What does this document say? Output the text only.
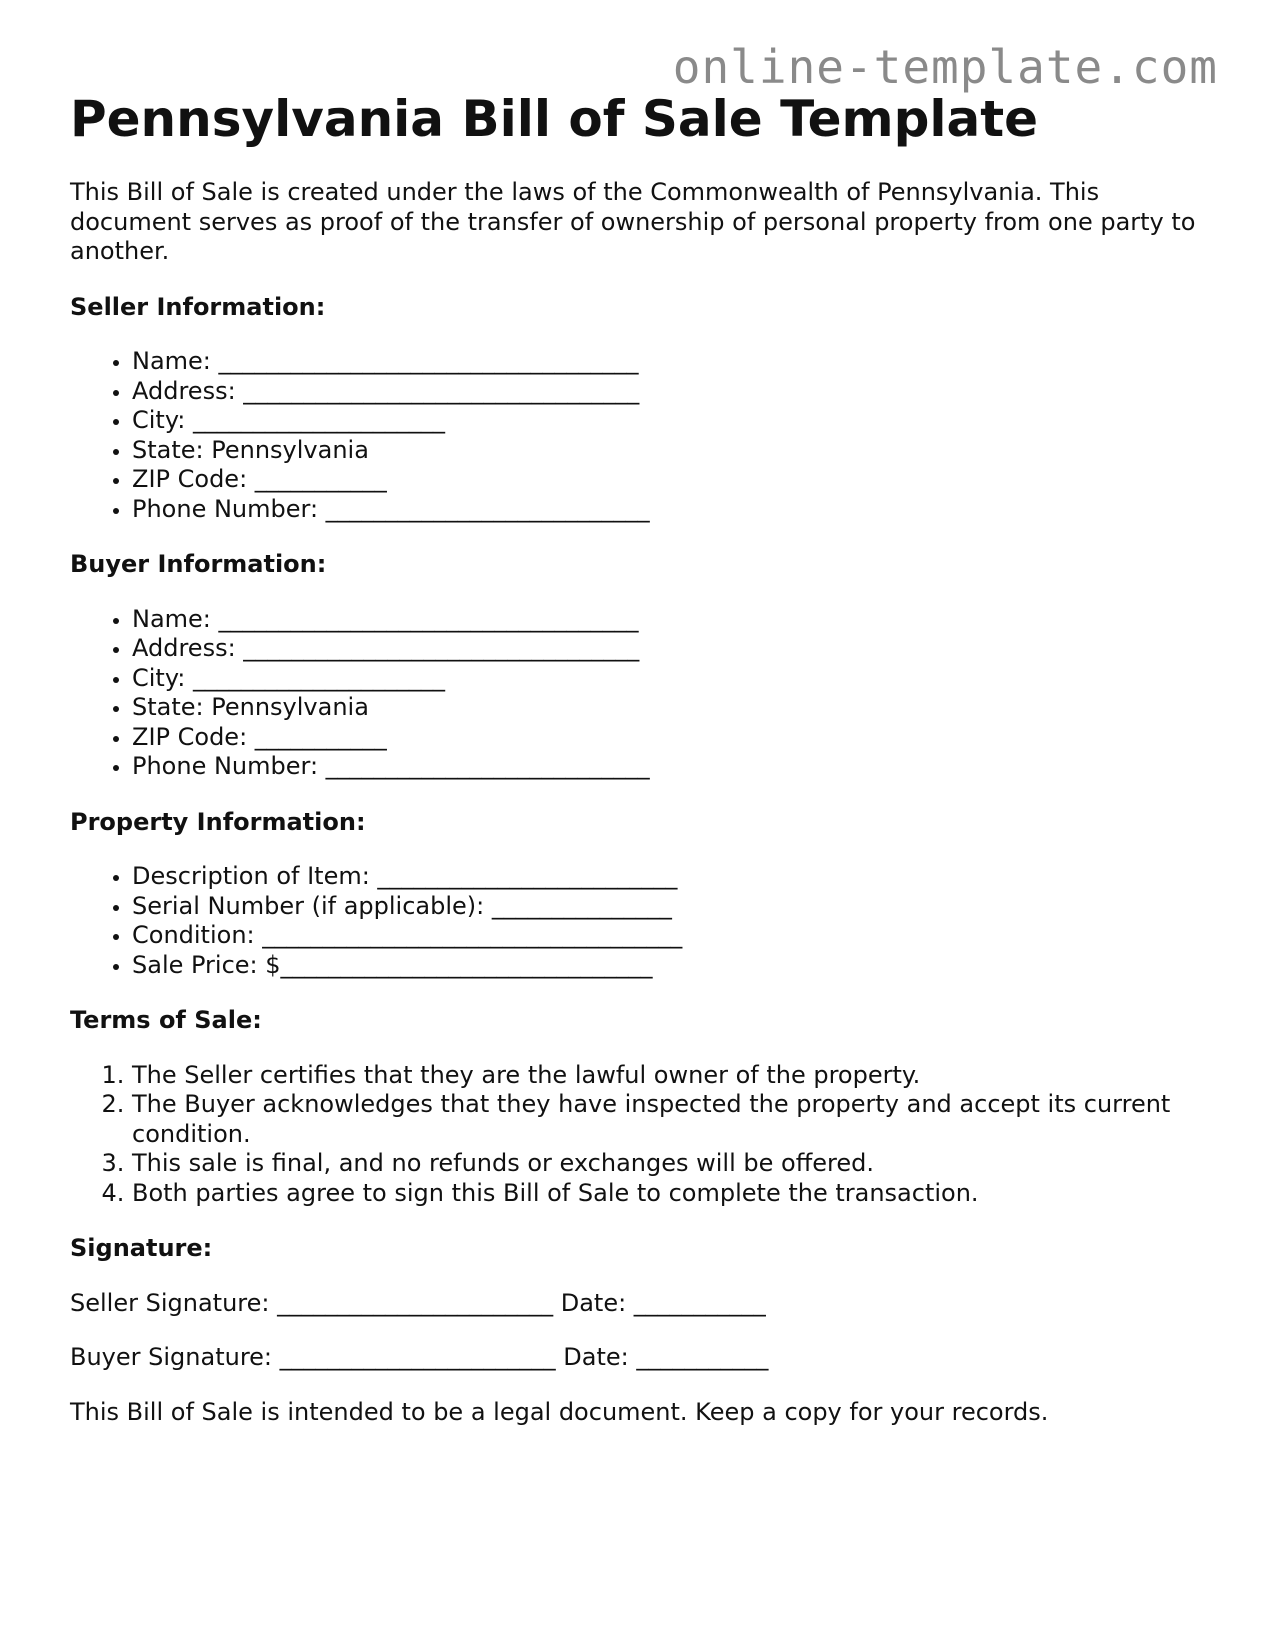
online-template.com
Pennsylvania Bill of Sale Template

This Bill of Sale is created under the laws of the Commonwealth of Pennsylvania. This document serves as proof of the transfer of ownership of personal property from one party to another.

Seller Information:
• Name: ___________________________________
• Address: _________________________________
• City: _____________________
• State: Pennsylvania
• ZIP Code: ___________
• Phone Number: ___________________________
Buyer Information:
• Name: ___________________________________
• Address: _________________________________
• City: _____________________
• State: Pennsylvania
• ZIP Code: ___________
• Phone Number: ___________________________
Property Information:
• Description of Item: _________________________
• Serial Number (if applicable): _______________
• Condition: ___________________________________
• Sale Price: $_______________________________
Terms of Sale:
1. The Seller certifies that they are the lawful owner of the property.
2. The Buyer acknowledges that they have inspected the property and accept its current condition.
3. This sale is final, and no refunds or exchanges will be offered.
4. Both parties agree to sign this Bill of Sale to complete the transaction.
Signature:

Seller Signature: _______________________ Date: ___________

Buyer Signature: _______________________ Date: ___________

This Bill of Sale is intended to be a legal document. Keep a copy for your records.
